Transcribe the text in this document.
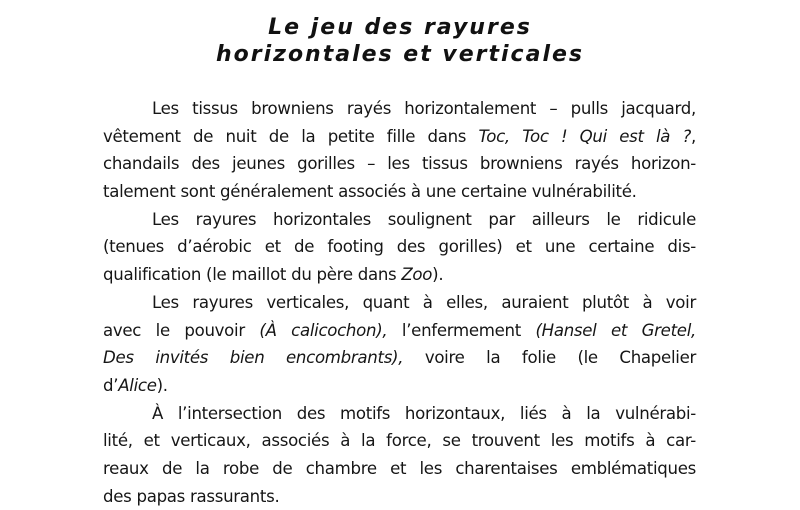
Le jeu des rayures
horizontales et verticales
Les tissus browniens rayés horizontalement – pulls jacquard,
vêtement de nuit de la petite fille dans Toc, Toc ! Qui est là ?,
chandails des jeunes gorilles – les tissus browniens rayés horizon-
talement sont généralement associés à une certaine vulnérabilité.
Les rayures horizontales soulignent par ailleurs le ridicule
(tenues d’aérobic et de footing des gorilles) et une certaine dis-
qualification (le maillot du père dans Zoo).
Les rayures verticales, quant à elles, auraient plutôt à voir
avec le pouvoir (À calicochon), l’enfermement (Hansel et Gretel,
Des invités bien encombrants), voire la folie (le Chapelier
d’Alice).
À l’intersection des motifs horizontaux, liés à la vulnérabi-
lité, et verticaux, associés à la force, se trouvent les motifs à car-
reaux de la robe de chambre et les charentaises emblématiques
des papas rassurants.
